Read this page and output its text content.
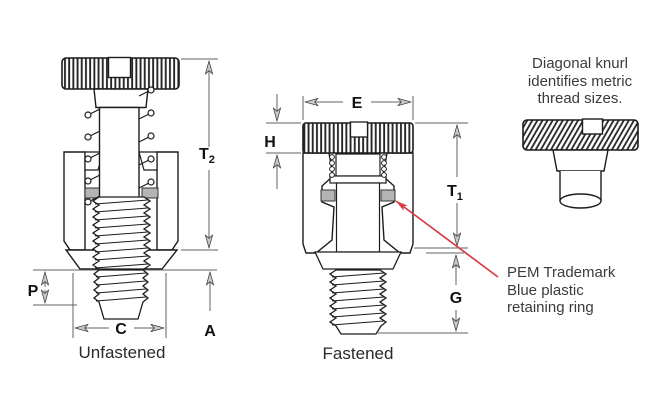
$T_2$
P
C	A
Unfastened
E
H
$T_1$
G
Fastened
Diagonal knurl
identifies metric
thread sizes.
PEM Trademark
Blue plastic
retaining ring
